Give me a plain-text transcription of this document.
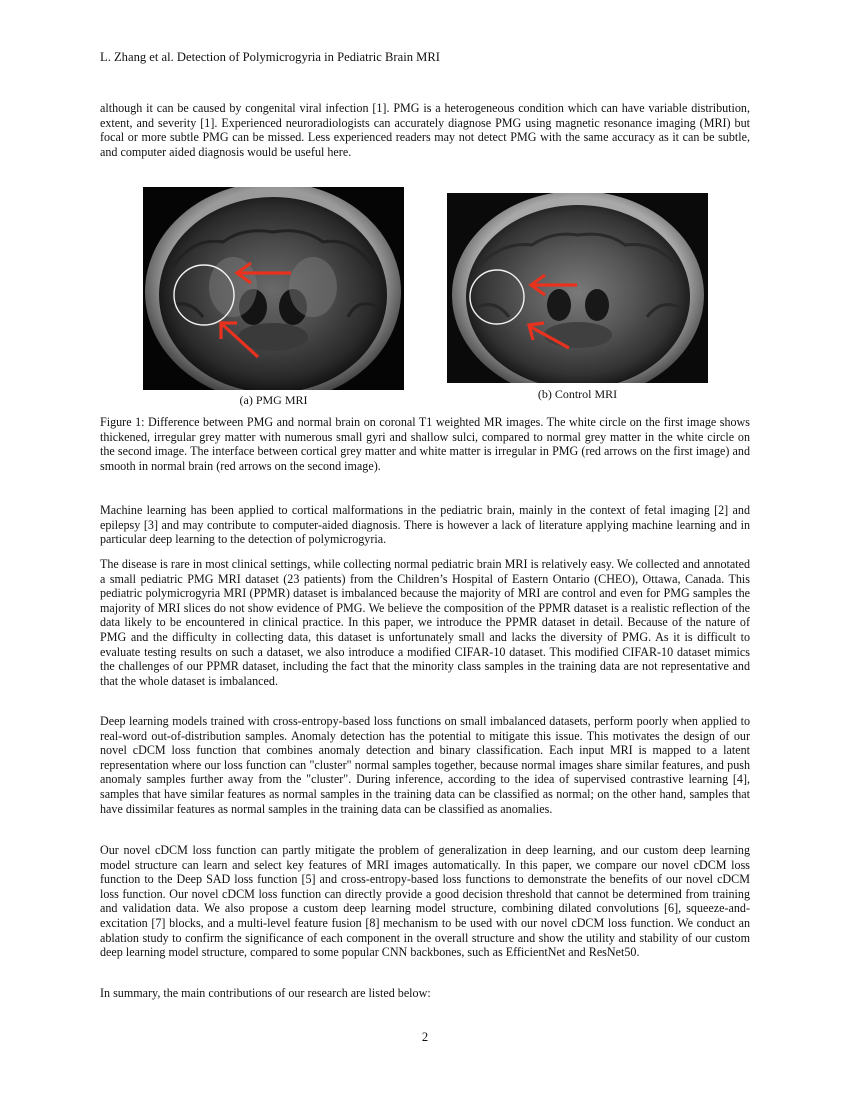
L. Zhang et al. Detection of Polymicrogyria in Pediatric Brain MRI

although it can be caused by congenital viral infection [1]. PMG is a heterogeneous condition which can have variable distribution, extent, and severity [1]. Experienced neuroradiologists can accurately diagnose PMG using magnetic resonance imaging (MRI) but focal or more subtle PMG can be missed. Less experienced readers may not detect PMG with the same accuracy as it can be subtle, and computer aided diagnosis would be useful here.

(a) PMG MRI	(b) Control MRI

Figure 1: Difference between PMG and normal brain on coronal T1 weighted MR images. The white circle on the first image shows thickened, irregular grey matter with numerous small gyri and shallow sulci, compared to normal grey matter in the white circle on the second image. The interface between cortical grey matter and white matter is irregular in PMG (red arrows on the first image) and smooth in normal brain (red arrows on the second image).

Machine learning has been applied to cortical malformations in the pediatric brain, mainly in the context of fetal imaging [2] and epilepsy [3] and may contribute to computer-aided diagnosis. There is however a lack of literature applying machine learning and in particular deep learning to the detection of polymicrogyria.

The disease is rare in most clinical settings, while collecting normal pediatric brain MRI is relatively easy. We collected and annotated a small pediatric PMG MRI dataset (23 patients) from the Children’s Hospital of Eastern Ontario (CHEO), Ottawa, Canada. This pediatric polymicrogyria MRI (PPMR) dataset is imbalanced because the majority of MRI are control and even for PMG samples the majority of MRI slices do not show evidence of PMG. We believe the composition of the PPMR dataset is a realistic reflection of the data likely to be encountered in clinical practice. In this paper, we introduce the PPMR dataset in detail. Because of the nature of PMG and the difficulty in collecting data, this dataset is unfortunately small and lacks the diversity of PMG. As it is difficult to evaluate testing results on such a dataset, we also introduce a modified CIFAR-10 dataset. This modified CIFAR-10 dataset mimics the challenges of our PPMR dataset, including the fact that the minority class samples in the training data are not representative and that the whole dataset is imbalanced.

Deep learning models trained with cross-entropy-based loss functions on small imbalanced datasets, perform poorly when applied to real-word out-of-distribution samples. Anomaly detection has the potential to mitigate this issue. This motivates the design of our novel cDCM loss function that combines anomaly detection and binary classification. Each input MRI is mapped to a latent representation where our loss function can "cluster" normal samples together, because normal images share similar features, and push anomaly samples further away from the "cluster". During inference, according to the idea of supervised contrastive learning [4], samples that have similar features as normal samples in the training data can be classified as normal; on the other hand, samples that have dissimilar features as normal samples in the training data can be classified as anomalies.

Our novel cDCM loss function can partly mitigate the problem of generalization in deep learning, and our custom deep learning model structure can learn and select key features of MRI images automatically. In this paper, we compare our novel cDCM loss function to the Deep SAD loss function [5] and cross-entropy-based loss functions to demonstrate the benefits of our novel cDCM loss function. Our novel cDCM loss function can directly provide a good decision threshold that cannot be determined from training and validation data. We also propose a custom deep learning model structure, combining dilated convolutions [6], squeeze-and-excitation [7] blocks, and a multi-level feature fusion [8] mechanism to be used with our novel cDCM loss function. We conduct an ablation study to confirm the significance of each component in the overall structure and show the utility and stability of our custom deep learning model structure, compared to some popular CNN backbones, such as EfficientNet and ResNet50.

In summary, the main contributions of our research are listed below:

2
